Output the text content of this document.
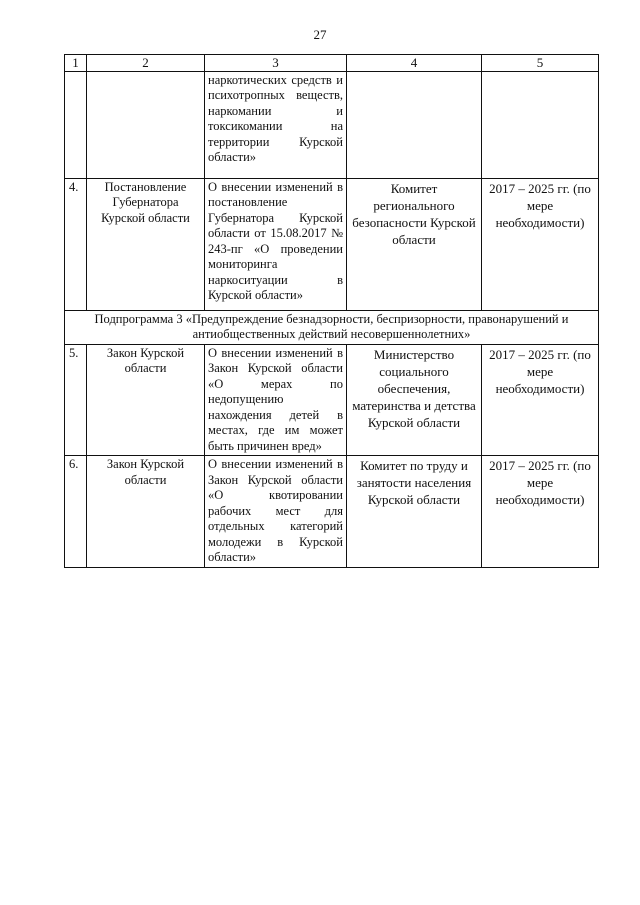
27
1	2	3	4	5
		наркотических средств и психотропных веществ, наркомании и токсикомании на территории Курской области»		
4.	Постановление Губернатора Курской области	О внесении изменений в постановление Губернатора Курской области от 15.08.2017 № 243-пг «О проведении мониторинга наркоситуации в Курской области»	Комитет регионального безопасности Курской области	2017 – 2025 гг. (по мере необходимости)
Подпрограмма 3 «Предупреждение безнадзорности, беспризорности, правонарушений и антиобщественных действий несовершеннолетних»				
5.	Закон Курской области	О внесении изменений в Закон Курской области «О мерах по недопущению нахождения детей в местах, где им может быть причинен вред»	Министерство социального обеспечения, материнства и детства Курской области	2017 – 2025 гг. (по мере необходимости)
6.	Закон Курской области	О внесении изменений в Закон Курской области «О квотировании рабочих мест для отдельных категорий молодежи в Курской области»	Комитет по труду и занятости населения Курской области	2017 – 2025 гг. (по мере необходимости)
